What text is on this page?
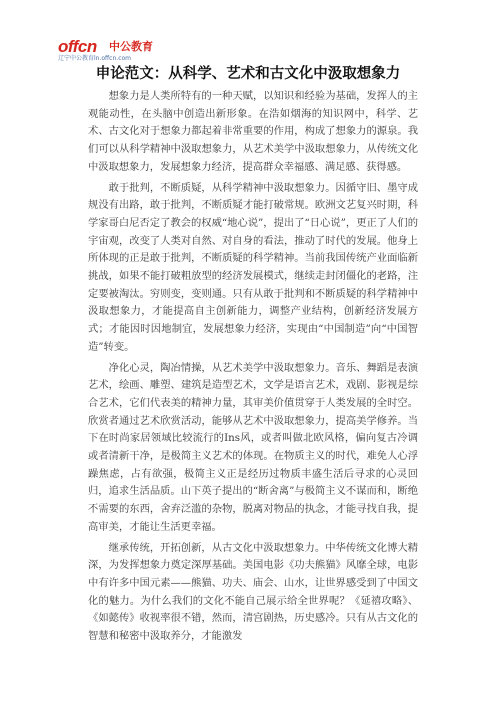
offcn 中公教育
辽宁中公教育ln.offcn.com
申论范文：从科学、艺术和古文化中汲取想象力

想象力是人类所特有的一种天赋，以知识和经验为基础，发挥人的主观能动性，在头脑中创造出新形象。在浩如烟海的知识网中，科学、艺术、古文化对于想象力都起着非常重要的作用，构成了想象力的源泉。我们可以从科学精神中汲取想象力，从艺术美学中汲取想象力，从传统文化中汲取想象力，发展想象力经济，提高群众幸福感、满足感、获得感。

敢于批判，不断质疑，从科学精神中汲取想象力。因循守旧、墨守成规没有出路，敢于批判，不断质疑才能打破常规。欧洲文艺复兴时期，科学家哥白尼否定了教会的权威“地心说”，提出了“日心说”，更正了人们的宇宙观，改变了人类对自然、对自身的看法，推动了时代的发展。他身上所体现的正是敢于批判，不断质疑的科学精神。当前我国传统产业面临新挑战，如果不能打破粗放型的经济发展模式，继续走封闭僵化的老路，注定要被淘汰。穷则变，变则通。只有从敢于批判和不断质疑的科学精神中汲取想象力，才能提高自主创新能力，调整产业结构，创新经济发展方式；才能因时因地制宜，发展想象力经济，实现由“中国制造”向“中国智造”转变。

净化心灵，陶冶情操，从艺术美学中汲取想象力。音乐、舞蹈是表演艺术，绘画、雕塑、建筑是造型艺术，文学是语言艺术，戏剧、影视是综合艺术，它们代表美的精神力量，其审美价值贯穿于人类发展的全时空。欣赏者通过艺术欣赏活动，能够从艺术中汲取想象力，提高美学修养。当下在时尚家居领域比较流行的Ins风，或者叫做北欧风格，偏向复古冷调或者清新干净，是极简主义艺术的体现。在物质主义的时代，难免人心浮躁焦虑，占有欲强，极简主义正是经历过物质丰盛生活后寻求的心灵回归，追求生活品质。山下英子提出的“断舍离”与极简主义不谋而和，断绝不需要的东西，舍弃泛滥的杂物，脱离对物品的执念，才能寻找自我，提高审美，才能让生活更幸福。

继承传统，开拓创新，从古文化中汲取想象力。中华传统文化博大精深，为发挥想象力奠定深厚基础。美国电影《功夫熊猫》风靡全球，电影中有许多中国元素——熊猫、功夫、庙会、山水，让世界感受到了中国文化的魅力。为什么我们的文化不能自己展示给全世界呢？《延禧攻略》、《如懿传》收视率很不错，然而，清宫剧热，历史感冷。只有从古文化的智慧和秘密中汲取养分，才能激发
